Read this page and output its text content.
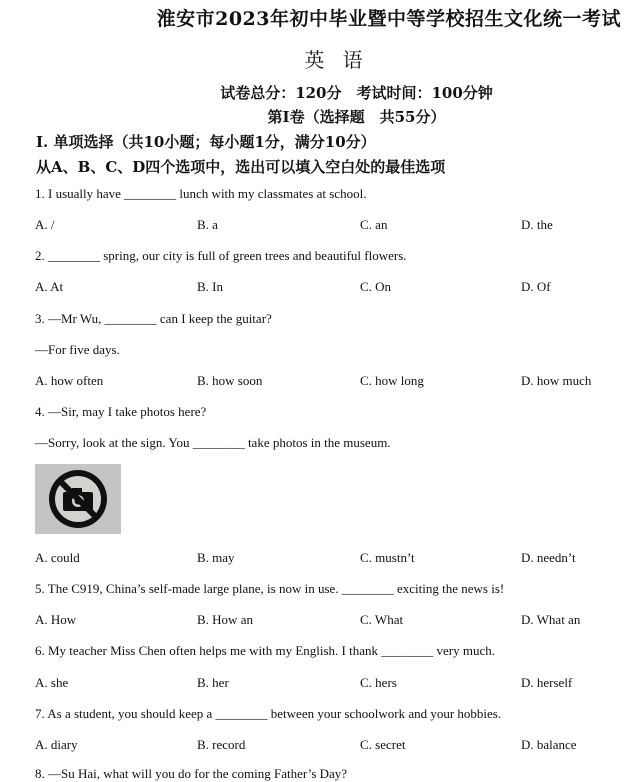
淮安市2023年初中毕业暨中等学校招生文化统一考试
英 语
试卷总分：120分　考试时间：100分钟
第Ⅰ卷（选择题　共55分）
Ⅰ. 单项选择（共10小题；每小题1分，满分10分）
从A、B、C、D四个选项中，选出可以填入空白处的最佳选项
1. I usually have ________ lunch with my classmates at school.
A. /	B. a	C. an	D. the
2. ________ spring, our city is full of green trees and beautiful flowers.
A. At	B. In	C. On	D. Of
3. —Mr Wu, ________ can I keep the guitar?
—For five days.
A. how often	B. how soon	C. how long	D. how much
4. —Sir, may I take photos here?
—Sorry, look at the sign. You ________ take photos in the museum.
A. could	B. may	C. mustn’t	D. needn’t
5. The C919, China’s self-made large plane, is now in use. ________ exciting the news is!
A. How	B. How an	C. What	D. What an
6. My teacher Miss Chen often helps me with my English. I thank ________ very much.
A. she	B. her	C. hers	D. herself
7. As a student, you should keep a ________ between your schoolwork and your hobbies.
A. diary	B. record	C. secret	D. balance
8. —Su Hai, what will you do for the coming Father’s Day?
